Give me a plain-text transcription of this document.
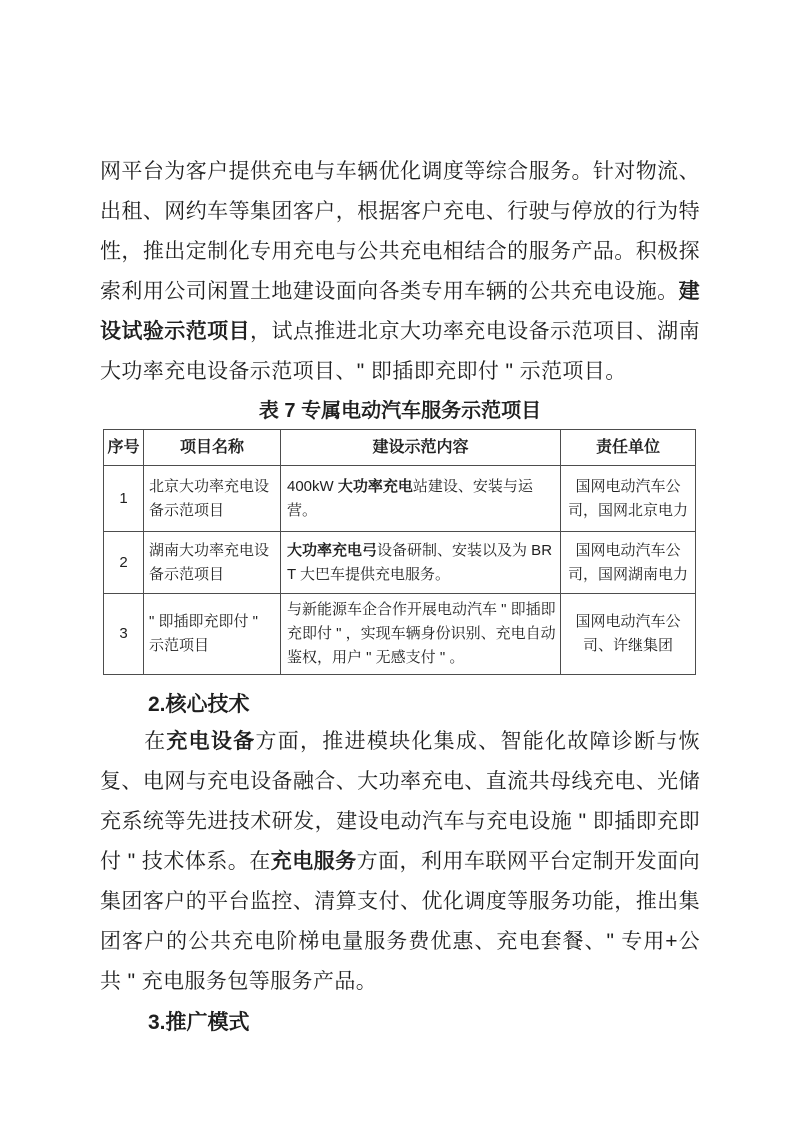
网平台为客户提供充电与车辆优化调度等综合服务。针对物流、出租、网约车等集团客户，根据客户充电、行驶与停放的行为特性，推出定制化专用充电与公共充电相结合的服务产品。积极探索利用公司闲置土地建设面向各类专用车辆的公共充电设施。建设试验示范项目，试点推进北京大功率充电设备示范项目、湖南大功率充电设备示范项目、" 即插即充即付 " 示范项目。

表 7 专属电动汽车服务示范项目
序号	项目名称	建设示范内容	责任单位
1	北京大功率充电设备示范项目	400kW 大功率充电站建设、安装与运营。	国网电动汽车公司，国网北京电力
2	湖南大功率充电设备示范项目	大功率充电弓设备研制、安装以及为 BRT 大巴车提供充电服务。	国网电动汽车公司，国网湖南电力
3	" 即插即充即付 " 示范项目	与新能源车企合作开展电动汽车 " 即插即充即付 " ，实现车辆身份识别、充电自动鉴权，用户 " 无感支付 " 。	国网电动汽车公司、许继集团
2.核心技术

在充电设备方面，推进模块化集成、智能化故障诊断与恢复、电网与充电设备融合、大功率充电、直流共母线充电、光储充系统等先进技术研发，建设电动汽车与充电设施 " 即插即充即付 " 技术体系。在充电服务方面，利用车联网平台定制开发面向集团客户的平台监控、清算支付、优化调度等服务功能，推出集团客户的公共充电阶梯电量服务费优惠、充电套餐、" 专用+公共 " 充电服务包等服务产品。

3.推广模式
